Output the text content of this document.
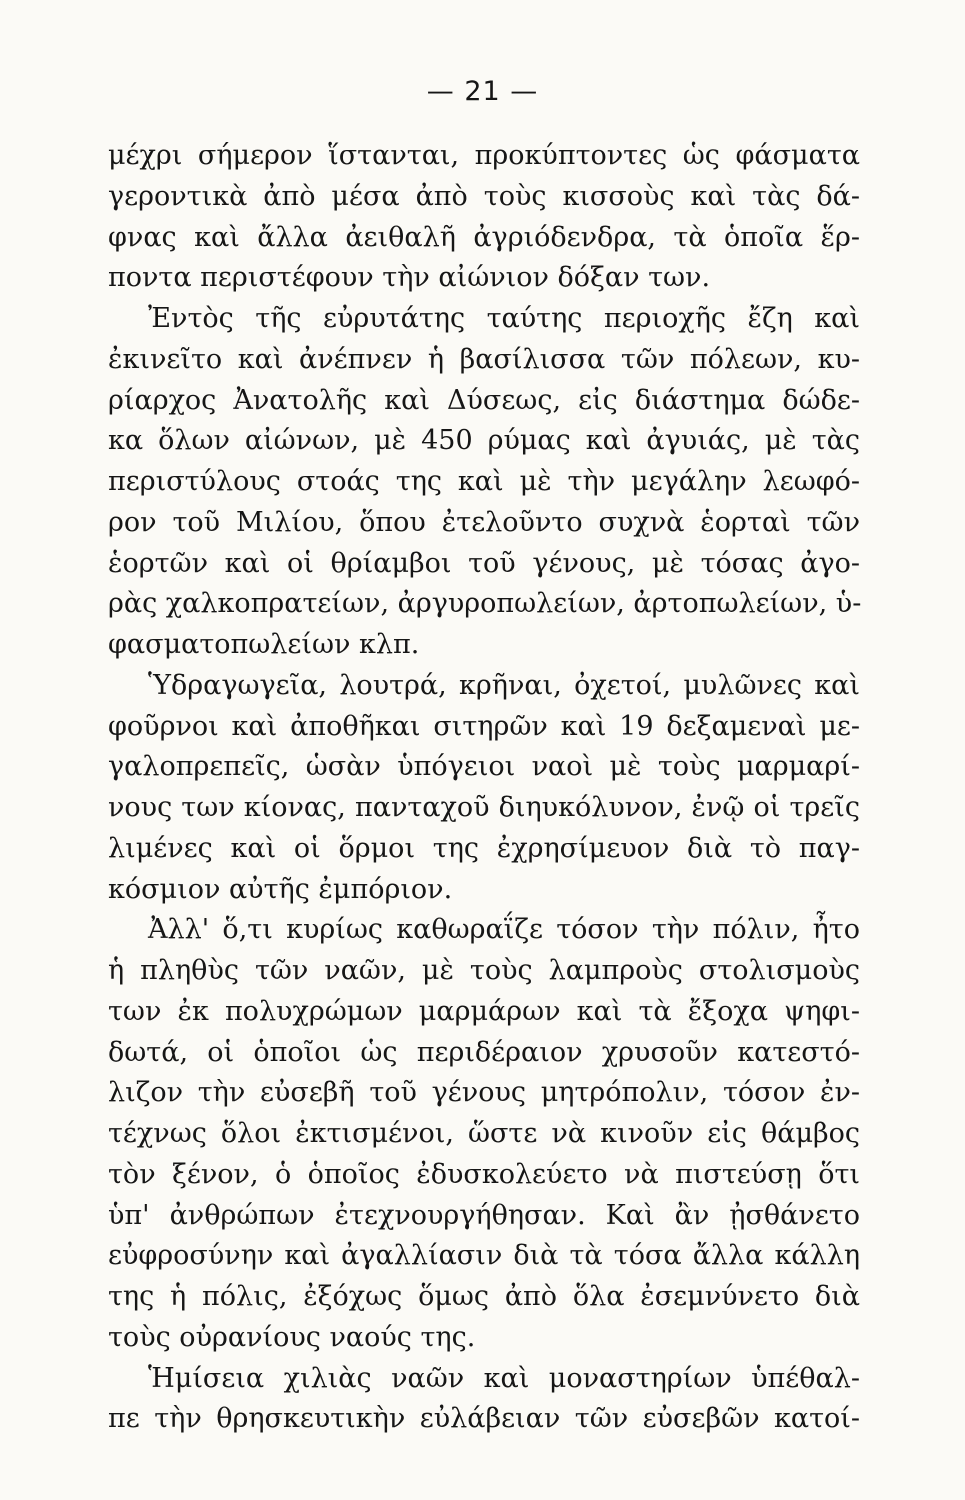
— 21 —
μέχρι σήμερον ἵστανται, προκύπτοντες ὡς φάσματα
γεροντικὰ ἀπὸ μέσα ἀπὸ τοὺς κισσοὺς καὶ τὰς δά-
φνας καὶ ἄλλα ἀειθαλῆ ἀγριόδενδρα, τὰ ὁποῖα ἕρ-
ποντα περιστέφουν τὴν αἰώνιον δόξαν των.
Ἐντὸς τῆς εὐρυτάτης ταύτης περιοχῆς ἔζη καὶ
ἐκινεῖτο καὶ ἀνέπνεν ἡ βασίλισσα τῶν πόλεων, κυ-
ρίαρχος Ἀνατολῆς καὶ Δύσεως, εἰς διάστημα δώδε-
κα ὅλων αἰώνων, μὲ 450 ρύμας καὶ ἀγυιάς, μὲ τὰς
περιστύλους στοάς της καὶ μὲ τὴν μεγάλην λεωφό-
ρον τοῦ Μιλίου, ὅπου ἐτελοῦντο συχνὰ ἑορταὶ τῶν
ἑορτῶν καὶ οἱ θρίαμβοι τοῦ γένους, μὲ τόσας ἀγο-
ρὰς χαλκοπρατείων, ἀργυροπωλείων, ἀρτοπωλείων, ὑ-
φασματοπωλείων κλπ.
Ὑδραγωγεῖα, λουτρά, κρῆναι, ὀχετοί, μυλῶνες καὶ
φοῦρνοι καὶ ἀποθῆκαι σιτηρῶν καὶ 19 δεξαμεναὶ με-
γαλοπρεπεῖς, ὡσὰν ὑπόγειοι ναοὶ μὲ τοὺς μαρμαρί-
νους των κίονας, πανταχοῦ διηυκόλυνον, ἐνῷ οἱ τρεῖς
λιμένες καὶ οἱ ὅρμοι της ἐχρησίμευον διὰ τὸ παγ-
κόσμιον αὐτῆς ἐμπόριον.
Ἀλλ' ὅ,τι κυρίως καθωραΐζε τόσον τὴν πόλιν, ἦτο
ἡ πληθὺς τῶν ναῶν, μὲ τοὺς λαμπροὺς στολισμοὺς
των ἐκ πολυχρώμων μαρμάρων καὶ τὰ ἔξοχα ψηφι-
δωτά, οἱ ὁποῖοι ὡς περιδέραιον χρυσοῦν κατεστό-
λιζον τὴν εὐσεβῆ τοῦ γένους μητρόπολιν, τόσον ἐν-
τέχνως ὅλοι ἐκτισμένοι, ὥστε νὰ κινοῦν εἰς θάμβος
τὸν ξένον, ὁ ὁποῖος ἐδυσκολεύετο νὰ πιστεύσῃ ὅτι
ὑπ' ἀνθρώπων ἐτεχνουργήθησαν. Καὶ ἂν ᾐσθάνετο
εὐφροσύνην καὶ ἀγαλλίασιν διὰ τὰ τόσα ἄλλα κάλλη
της ἡ πόλις, ἐξόχως ὅμως ἀπὸ ὅλα ἐσεμνύνετο διὰ
τοὺς οὐρανίους ναούς της.
Ἡμίσεια χιλιὰς ναῶν καὶ μοναστηρίων ὑπέθαλ-
πε τὴν θρησκευτικὴν εὐλάβειαν τῶν εὐσεβῶν κατοί-
